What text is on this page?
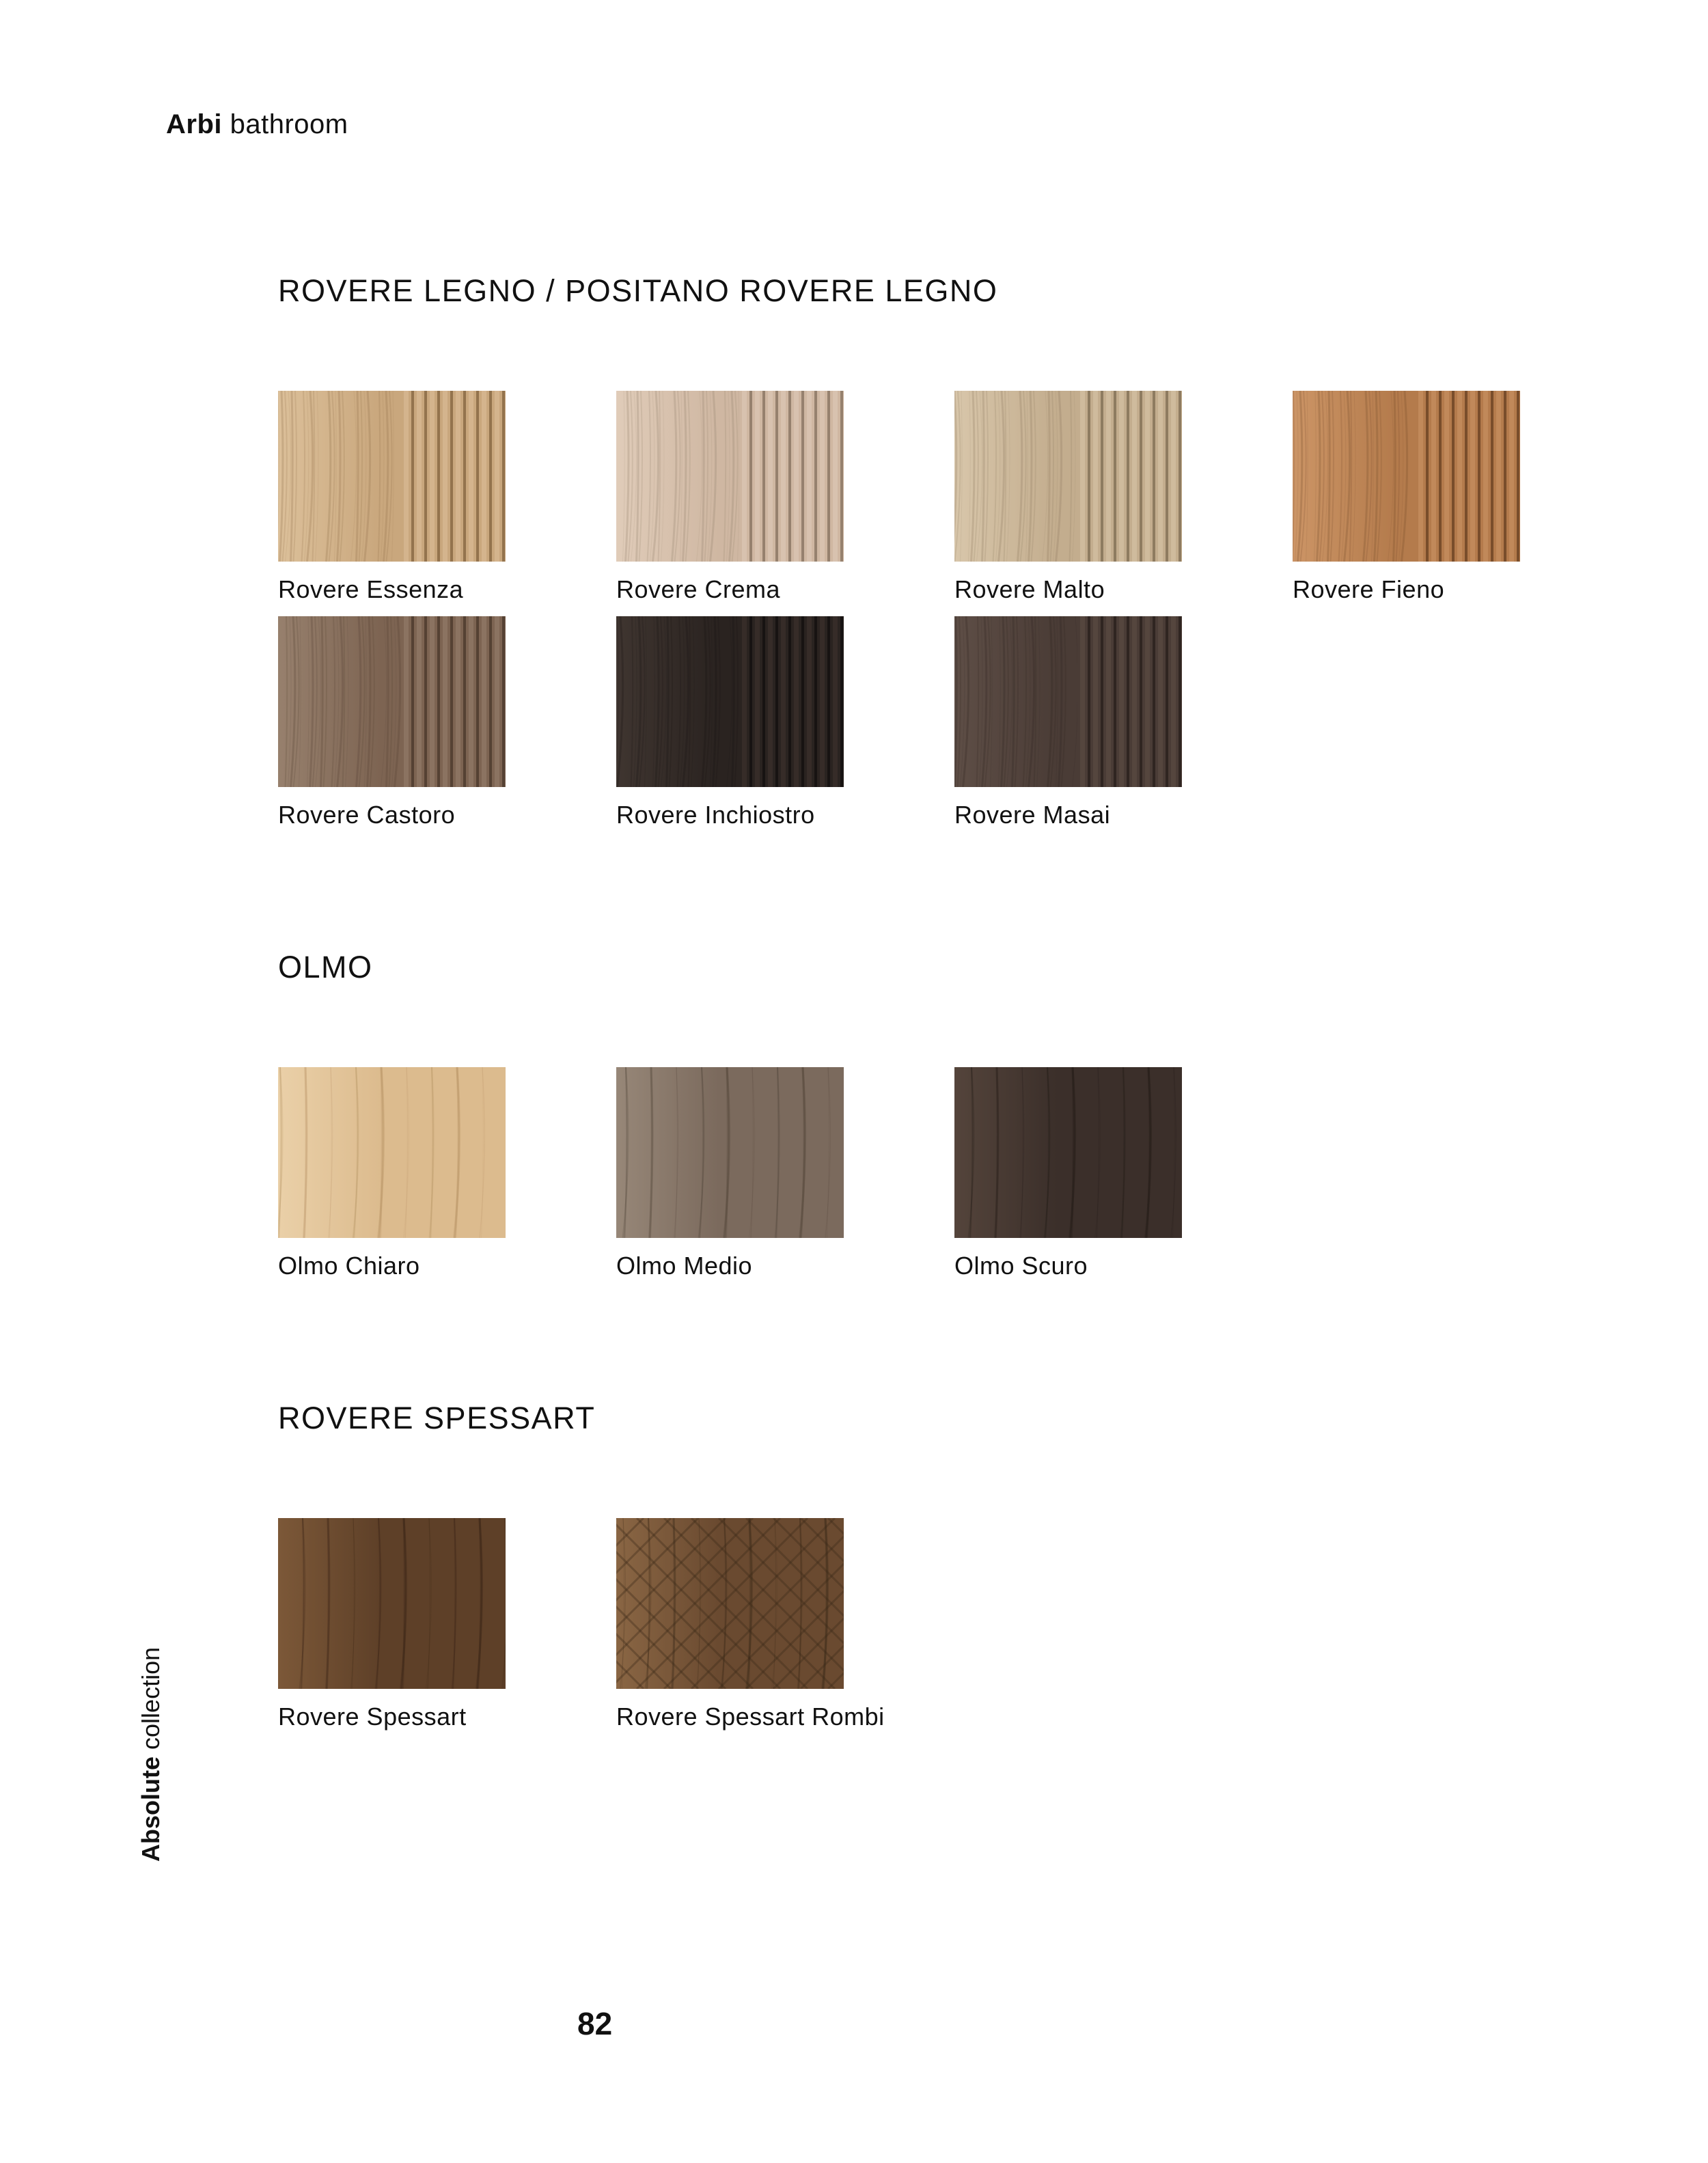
Arbi bathroom
ROVERE LEGNO / POSITANO ROVERE LEGNO
Rovere Essenza	Rovere Crema	Rovere Malto	Rovere Fieno
Rovere Castoro	Rovere Inchiostro	Rovere Masai
OLMO
Olmo Chiaro	Olmo Medio	Olmo Scuro
ROVERE SPESSART
Rovere Spessart	Rovere Spessart Rombi
Absolute collection
82
